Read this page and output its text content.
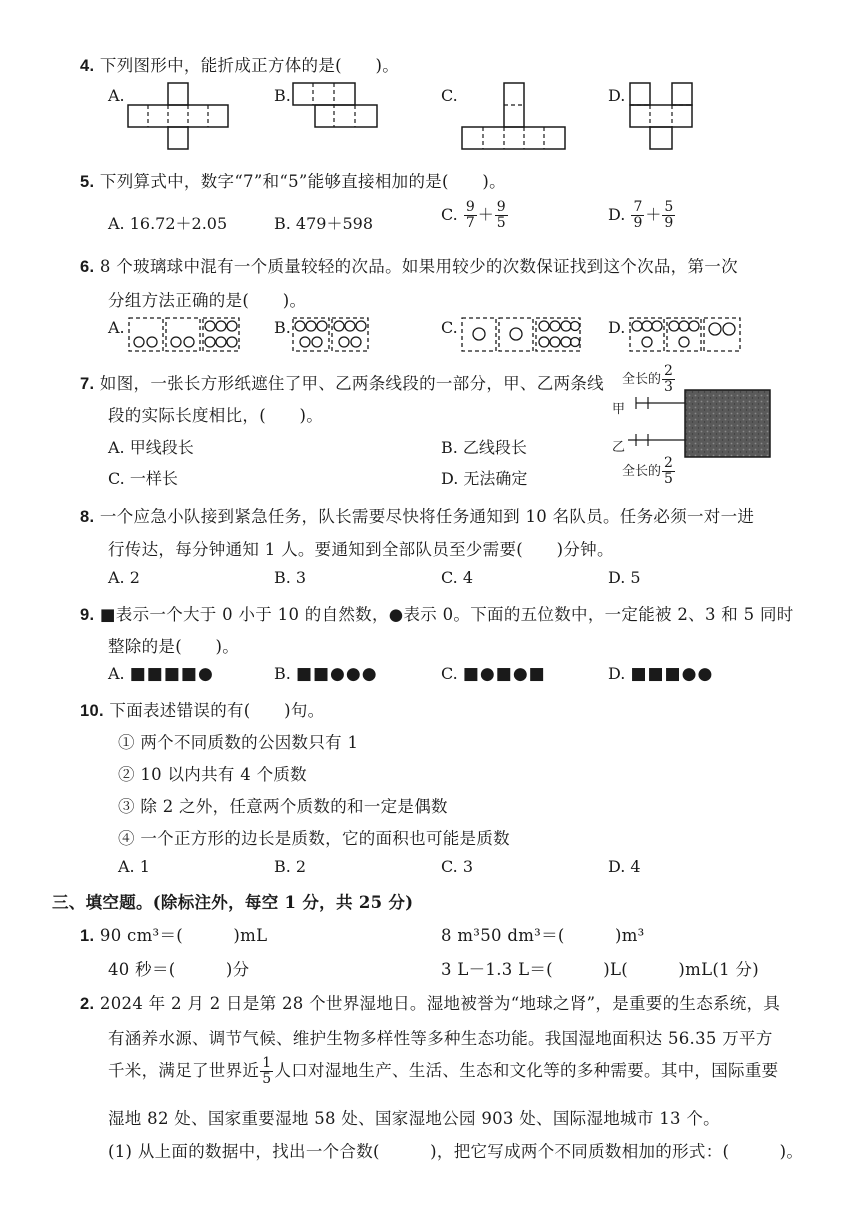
4. 下列图形中，能折成正方体的是(　　)。
A.	B.	C.	D.
5. 下列算式中，数字“7”和“5”能够直接相加的是(　　)。
A. 16.72＋2.05	B. 479＋598	C. $\frac{9}{7} + \frac{9}{5}$	D. $\frac{7}{9} + \frac{5}{9}$
6. 8 个玻璃球中混有一个质量较轻的次品。如果用较少的次数保证找到这个次品，第一次
分组方法正确的是(　　)。
A.	B.	C.	D.
7. 如图，一张长方形纸遮住了甲、乙两条线段的一部分，甲、乙两条线
段的实际长度相比，(　　)。
A. 甲线段长	B. 乙线段长
C. 一样长	D. 无法确定
全长的 $\frac{2}{3}$
甲
乙
全长的 $\frac{2}{5}$
8. 一个应急小队接到紧急任务，队长需要尽快将任务通知到 10 名队员。任务必须一对一进
行传达，每分钟通知 1 人。要通知到全部队员至少需要(　　)分钟。
A. 2	B. 3	C. 4	D. 5
9. ■表示一个大于 0 小于 10 的自然数，●表示 0。下面的五位数中，一定能被 2、3 和 5 同时
整除的是(　　)。
A. ■■■■●	B. ■■●●●	C. ■●■●■	D. ■■■●●
10. 下面表述错误的有(　　)句。
① 两个不同质数的公因数只有 1
② 10 以内共有 4 个质数
③ 除 2 之外，任意两个质数的和一定是偶数
④ 一个正方形的边长是质数，它的面积也可能是质数
A. 1	B. 2	C. 3	D. 4
三、填空题。(除标注外，每空 1 分，共 25 分)
1. 90 cm³＝(　　　)mL	8 m³50 dm³＝(　　　)m³
40 秒＝(　　　)分	3 L－1.3 L＝(　　　)L(　　　)mL(1 分)
2. 2024 年 2 月 2 日是第 28 个世界湿地日。湿地被誉为“地球之肾”，是重要的生态系统，具
有涵养水源、调节气候、维护生物多样性等多种生态功能。我国湿地面积达 56.35 万平方
千米，满足了世界近 $\frac{1}{5}$ 人口对湿地生产、生活、生态和文化等的多种需要。其中，国际重要
湿地 82 处、国家重要湿地 58 处、国家湿地公园 903 处、国际湿地城市 13 个。
(1) 从上面的数据中，找出一个合数(　　　)，把它写成两个不同质数相加的形式：(　　　)。
